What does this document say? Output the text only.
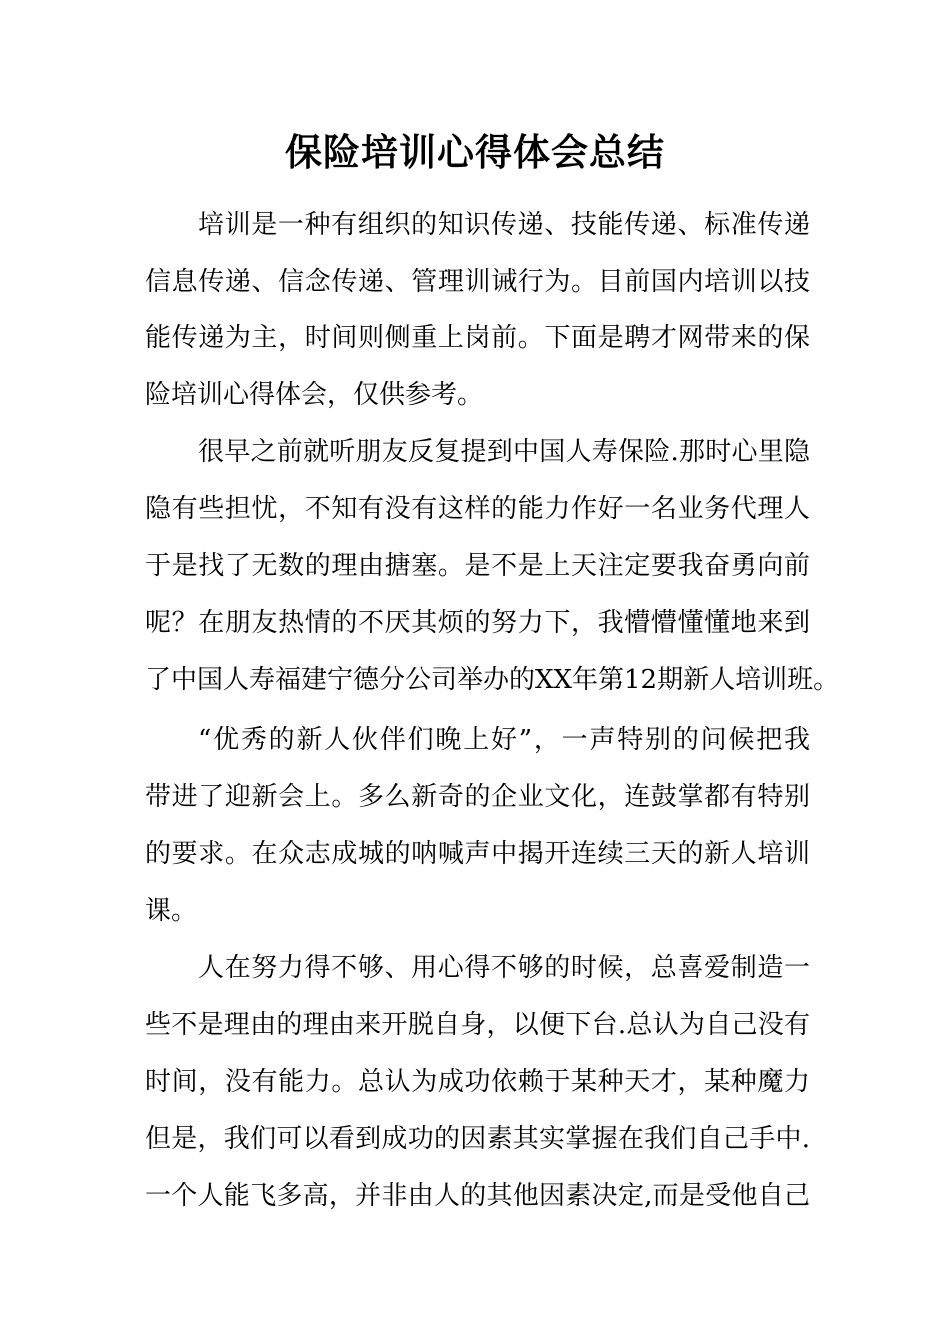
保险培训心得体会总结
培训是一种有组织的知识传递、技能传递、标准传递
信息传递、信念传递、管理训诫行为。目前国内培训以技
能传递为主，时间则侧重上岗前。下面是聘才网带来的保
险培训心得体会，仅供参考。
很早之前就听朋友反复提到中国人寿保险.那时心里隐
隐有些担忧，不知有没有这样的能力作好一名业务代理人
于是找了无数的理由搪塞。是不是上天注定要我奋勇向前
呢？在朋友热情的不厌其烦的努力下，我懵懵懂懂地来到
了中国人寿福建宁德分公司举办的XX年第12期新人培训班。
“优秀的新人伙伴们晚上好”，一声特别的问候把我
带进了迎新会上。多么新奇的企业文化，连鼓掌都有特别
的要求。在众志成城的呐喊声中揭开连续三天的新人培训
课。
人在努力得不够、用心得不够的时候，总喜爱制造一
些不是理由的理由来开脱自身，以便下台.总认为自己没有
时间，没有能力。总认为成功依赖于某种天才，某种魔力
但是，我们可以看到成功的因素其实掌握在我们自己手中.
一个人能飞多高，并非由人的其他因素决定,而是受他自己
